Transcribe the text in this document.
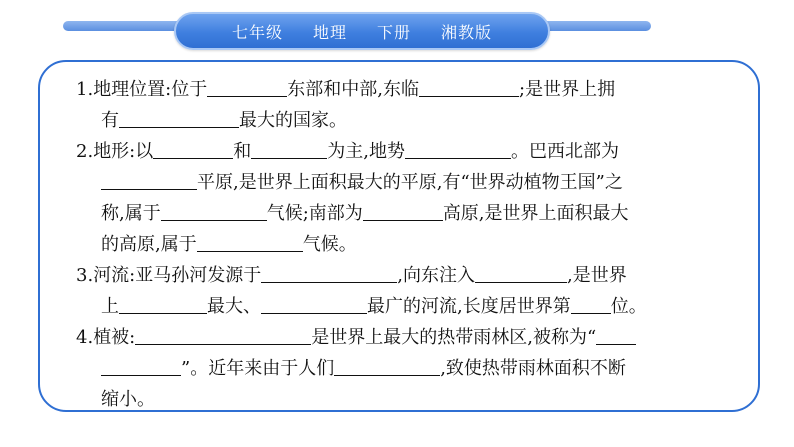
七年级 地理 下册 湘教版
1.地理位置:位于	东部和中部,东临	;是世界上拥
有	最大的国家。
2.地形:以	和	为主,地势	。巴西北部为
平原,是世界上面积最大的平原,有“世界动植物王国”之
称,属于	气候;南部为	高原,是世界上面积最大
的高原,属于	气候。
3.河流:亚马孙河发源于	,向东注入	,是世界
上	最大、	最广的河流,长度居世界第 位。
4.植被:	是世界上最大的热带雨林区,被称为“
”。近年来由于人们	,致使热带雨林面积不断
缩小。
